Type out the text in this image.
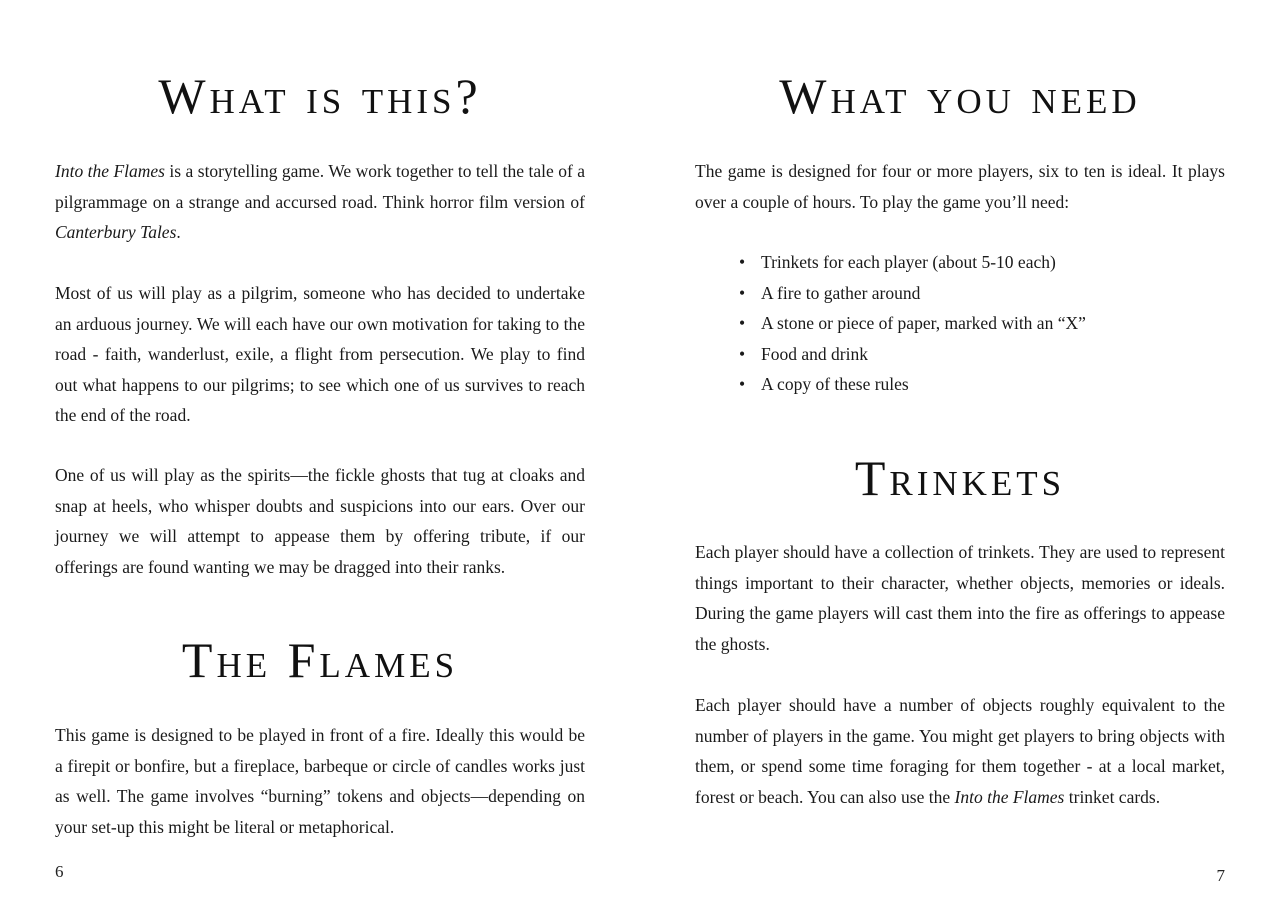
What is this?

Into the Flames is a storytelling game. We work together to tell the tale of a pilgrammage on a strange and accursed road. Think horror film version of Canterbury Tales.

Most of us will play as a pilgrim, someone who has decided to undertake an arduous journey. We will each have our own motivation for taking to the road - faith, wanderlust, exile, a flight from persecution. We play to find out what happens to our pilgrims; to see which one of us survives to reach the end of the road.

One of us will play as the spirits—the fickle ghosts that tug at cloaks and snap at heels, who whisper doubts and suspicions into our ears. Over our journey we will attempt to appease them by offering tribute, if our offerings are found wanting we may be dragged into their ranks.

The Flames

This game is designed to be played in front of a fire. Ideally this would be a firepit or bonfire, but a fireplace, barbeque or circle of candles works just as well. The game involves “burning” tokens and objects—depending on your set-up this might be literal or metaphorical.

6
What you need

The game is designed for four or more players, six to ten is ideal. It plays over a couple of hours. To play the game you’ll need:

• Trinkets for each player (about 5-10 each)
• A fire to gather around
• A stone or piece of paper, marked with an “X”
• Food and drink
• A copy of these rules
Trinkets

Each player should have a collection of trinkets. They are used to represent things important to their character, whether objects, memories or ideals. During the game players will cast them into the fire as offerings to appease the ghosts.

Each player should have a number of objects roughly equivalent to the number of players in the game. You might get players to bring objects with them, or spend some time foraging for them together - at a local market, forest or beach. You can also use the Into the Flames trinket cards.

7
